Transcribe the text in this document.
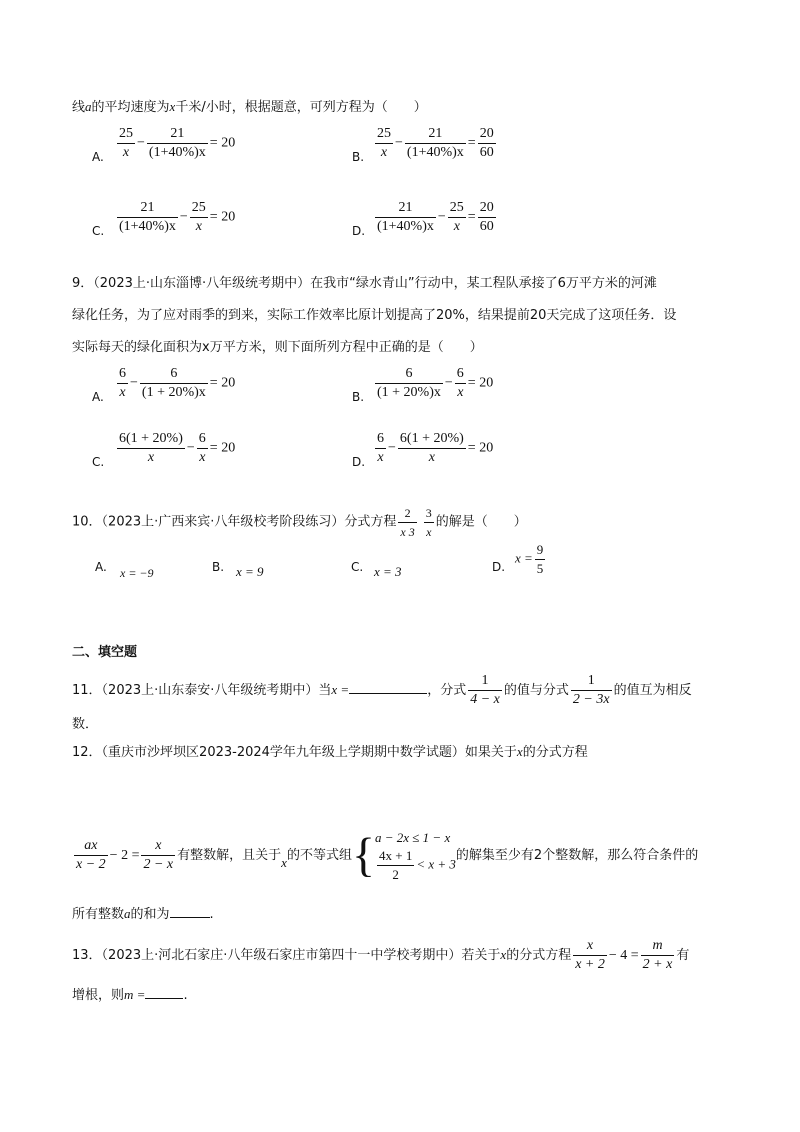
线a的平均速度为x千米/小时，根据题意，可列方程为（　　）
A. $\frac{25}{x} - \frac{21}{(1+40\%)x} = 20$
B. $\frac{25}{x} - \frac{21}{(1+40\%)x} = \frac{20}{60}$
C. $\frac{21}{(1+40\%)x} - \frac{25}{x} = 20$
D. $\frac{21}{(1+40\%)x} - \frac{25}{x} = \frac{20}{60}$
9．（2023上·山东淄博·八年级统考期中）在我市“绿水青山”行动中，某工程队承接了6万平方米的河滩
绿化任务，为了应对雨季的到来，实际工作效率比原计划提高了20%，结果提前20天完成了这项任务．设
实际每天的绿化面积为x万平方米，则下面所列方程中正确的是（　　）
A. $\frac{6}{x} - \frac{6}{(1 + 20\%)x} = 20$
B. $\frac{6}{(1 + 20\%)x} - \frac{6}{x} = 20$
C. $\frac{6(1 + 20\%)}{x} - \frac{6}{x} = 20$
D. $\frac{6}{x} - \frac{6(1 + 20\%)}{x} = 20$
10．（2023上·广西来宾·八年级校考阶段练习）分式方程 $\frac{2}{x 3}$
$\frac{3}{x}$ 的解是（　　）
A. x = −9	B. x = 9	C. x = 3	D.
$x = \frac{9}{5}$
二、填空题
11．（2023上·山东泰安·八年级统考期中）当x =	，分式 $\frac{1}{4 - x}$ 的值与分式 $\frac{1}{2 - 3x}$ 的值互为相反
数．
12．（重庆市沙坪坝区2023-2024学年九年级上学期期中数学试题）如果关于x的分式方程
$\frac{ax}{x - 2} - 2 = \frac{x}{2 - x}$ 有整数解，且关于x的不等式组{ a − 2x ≤ 1 − x
$\frac{4x + 1}{2} < x + 3$
的解集至少有2个整数解，那么符合条件的
所有整数a的和为	.
13．（2023上·河北石家庄·八年级石家庄市第四十一中学校考期中）若关于x的分式方程 $\frac{x}{x + 2} - 4 = \frac{m}{2 + x}$ 有
增根，则m =	.
